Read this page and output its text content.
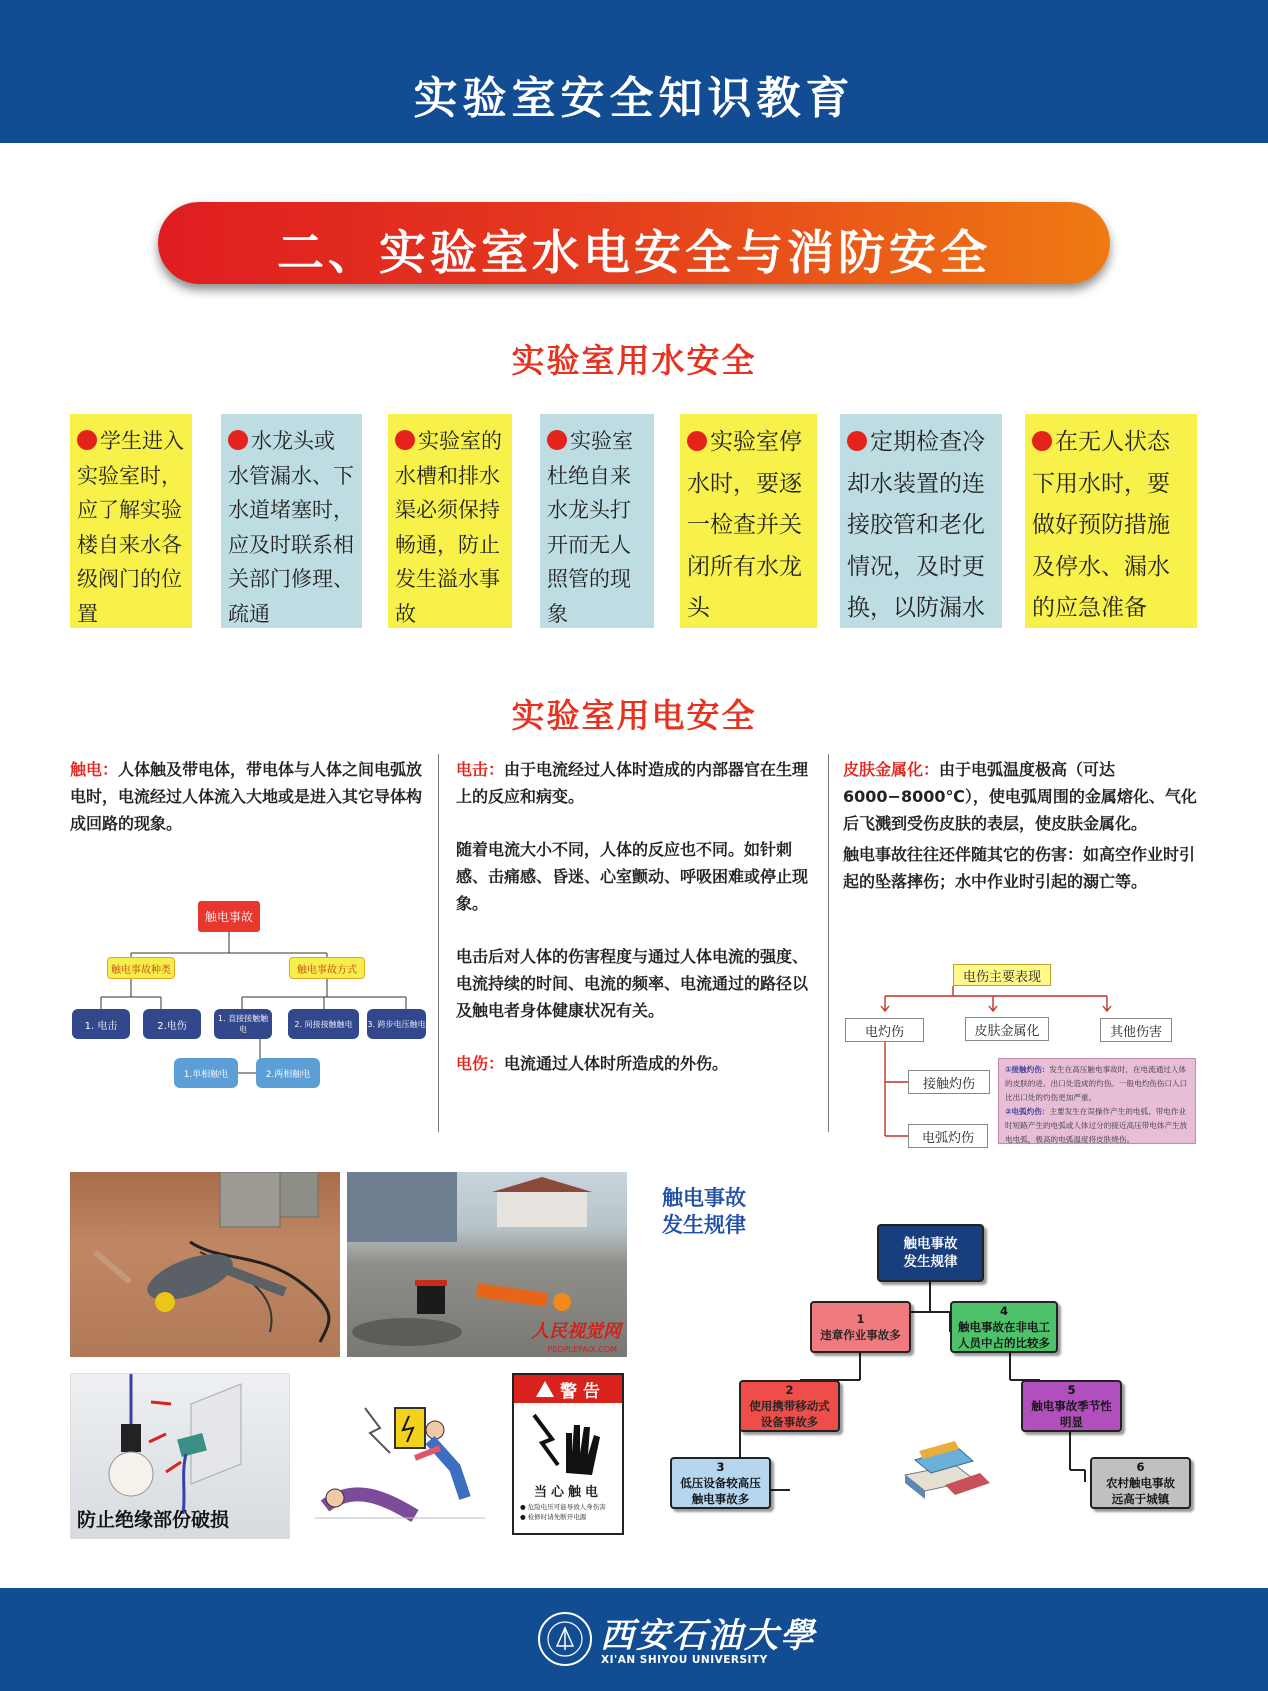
实验室安全知识教育
二、实验室水电安全与消防安全
实验室用水安全
学生进入实验室时，应了解实验楼自来水各级阀门的位置
水龙头或水管漏水、下水道堵塞时，应及时联系相关部门修理、疏通
实验室的水槽和排水渠必须保持畅通，防止发生溢水事故
实验室杜绝自来水龙头打开而无人照管的现象
实验室停水时，要逐一检查并关闭所有水龙头
定期检查冷却水装置的连接胶管和老化情况，及时更换，以防漏水
在无人状态下用水时，要做好预防措施及停水、漏水的应急准备
实验室用电安全
触电：人体触及带电体，带电体与人体之间电弧放电时，电流经过人体流入大地或是进入其它导体构成回路的现象。

电击：由于电流经过人体时造成的内部器官在生理上的反应和病变。

随着电流大小不同，人体的反应也不同。如针刺感、击痛感、昏迷、心室颤动、呼吸困难或停止现象。

电击后对人体的伤害程度与通过人体电流的强度、电流持续的时间、电流的频率、电流通过的路径以及触电者身体健康状况有关。

电伤：电流通过人体时所造成的外伤。

皮肤金属化：由于电弧温度极高（可达6000−8000℃），使电弧周围的金属熔化、气化后飞溅到受伤皮肤的表层，使皮肤金属化。

触电事故往往还伴随其它的伤害：如高空作业时引起的坠落摔伤；水中作业时引起的溺亡等。

触电事故
触电事故种类	触电事故方式
1. 电击	2.电伤
1. 直接接触触电
2. 间接接触触电	3. 跨步电压触电
1.单相触电	2.两相触电
电伤主要表现
电灼伤	皮肤金属化	其他伤害
接触灼伤
电弧灼伤
①接触灼伤：发生在高压触电事故时，在电流通过人体的皮肤的进、出口处造成的灼伤。一般电灼伤伤口入口比出口处的灼伤更加严重。
②电弧灼伤：主要发生在误操作产生的电弧、带电作业时短路产生的电弧或人体过分的接近高压带电体产生放电电弧，极高的电弧温度将皮肤烧伤。
人民视觉网
PEOPLEPAIX.COM
防止绝缘部份破损
警 告
当心触电
● 危险电压可能导致人身伤害
● 检修时请先断开电源
触电事故
发生规律
触电事故
发生规律
1
违章作业事故多
4
触电事故在非电工人员中占的比较多
2
使用携带移动式设备事故多
5
触电事故季节性明显
3
低压设备较高压触电事故多
6
农村触电事故远高于城镇
西安石油大學
XI'AN SHIYOU UNIVERSITY
